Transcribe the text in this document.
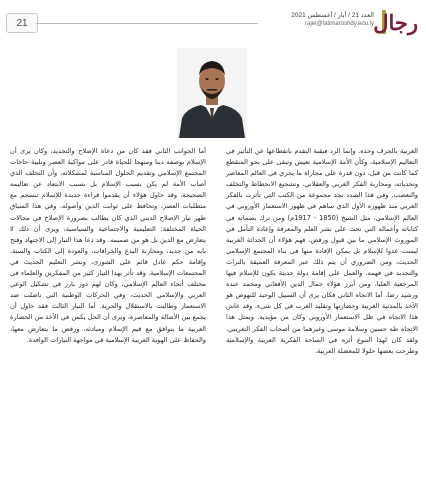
21
العدد 21 / أيار / أغسطس 2021
rajel@fatimaroshdy.edu.ly رجال

الغربية بالجرف وحده. وإنما الرد فيقبة التقدم بانقطاعها عن التأثير في التعاليم الإسلامية، وكأن الأمة الإسلامية تعيش وتبقى على نحو المنقطع كما كانت من قبل، دون قدرة على مجاراة ما يجري في العالم المعاصر وتحدياته، ومحاربة الفكر الغربي والعقلاني. وتشجيع الانحطاط والتخلف والتعصب. وفي هذا الصدد نجد مجموعة من الكتب التي تأثرت بالفكر الغربي منذ ظهوره الأول الذي ساهم في ظهور الاستعمار الأوروبي في العالم الإسلامي، مثل الشيخ (1850 - 1917م) ومن ترك بصماته في كتاباته وأعماله التي تحث على نشر العلم والمعرفة وإعادة التأمل في الموروث الإسلامي ما بين قبول ورفض. فهم هؤلاء أن الحداثة الغربية ليست عدوا للإسلام بل يمكن الإفادة منها في بناء المجتمع الإسلامي الحديث، ومن الضروري أن يتم ذلك عبر المعرفة العميقة بالتراث والتجديد في فهمه. والعمل على إقامة دولة حديثة يكون للإسلام فيها المرجعية العليا، ومن أبرز هؤلاء جمال الدين الأفغاني ومحمد عبده ورشيد رضا. أما الاتجاه الثاني فكان يرى أن السبيل الوحيد للنهوض هو الأخذ بالمدنية الغربية وحضارتها وتقليد الغرب في كل شيء. وقد عاش هذا الاتجاه في ظل الاستعمار الأوروبي وكان من مؤيديه. ويمثل هذا الاتجاه طه حسين وسلامة موسى وغيرهما من أصحاب الفكر التغريبي. ولقد كان لهذا التنوع أثره في الساحة الفكرية العربية والإسلامية وطرحت بعضها حلولا للمعضلة العربية.

أما الجوانب الثاني فقد كان من دعاة الإصلاح والتجديد، وكان يرى أن الإسلام بوصفه دينا ومنهجا للحياة قادر على مواكبة العصر وتلبية حاجات المجتمع الإسلامي وتقديم الحلول المناسبة لمشكلاته، وأن التخلف الذي أصاب الأمة لم يكن بسبب الإسلام بل بسبب الابتعاد عن تعاليمه الصحيحة، وقد حاول هؤلاء أن يقدموا قراءة جديدة للإسلام تنسجم مع متطلبات العصر، وتحافظ على ثوابت الدين وأصوله. وفي هذا السياق ظهر تيار الإصلاح الديني الذي كان يطالب بضرورة الإصلاح في مجالات الحياة المختلفة: التعليمية والاجتماعية والسياسية، ويرى أن ذلك لا يتعارض مع الدين بل هو من صميمه. وقد دعا هذا التيار إلى الاجتهاد وفتح بابه من جديد، ومحاربة البدع والخرافات، والعودة إلى الكتاب والسنة، وإقامة حكم عادل قائم على الشورى، ونشر التعليم الحديث في المجتمعات الإسلامية. وقد تأثر بهذا التيار كثير من المفكرين والعلماء في مختلف أنحاء العالم الإسلامي، وكان لهم دور بارز في تشكيل الوعي العربي والإسلامي الحديث، وفي الحركات الوطنية التي ناضلت ضد الاستعمار وطالبت بالاستقلال والحرية. أما التيار الثالث فقد حاول أن يجمع بين الأصالة والمعاصرة، ويرى أن الحل يكمن في الأخذ من الحضارة الغربية ما يتوافق مع قيم الإسلام ومبادئه، ورفض ما يتعارض معها، والحفاظ على الهوية العربية الإسلامية في مواجهة التيارات الوافدة.
